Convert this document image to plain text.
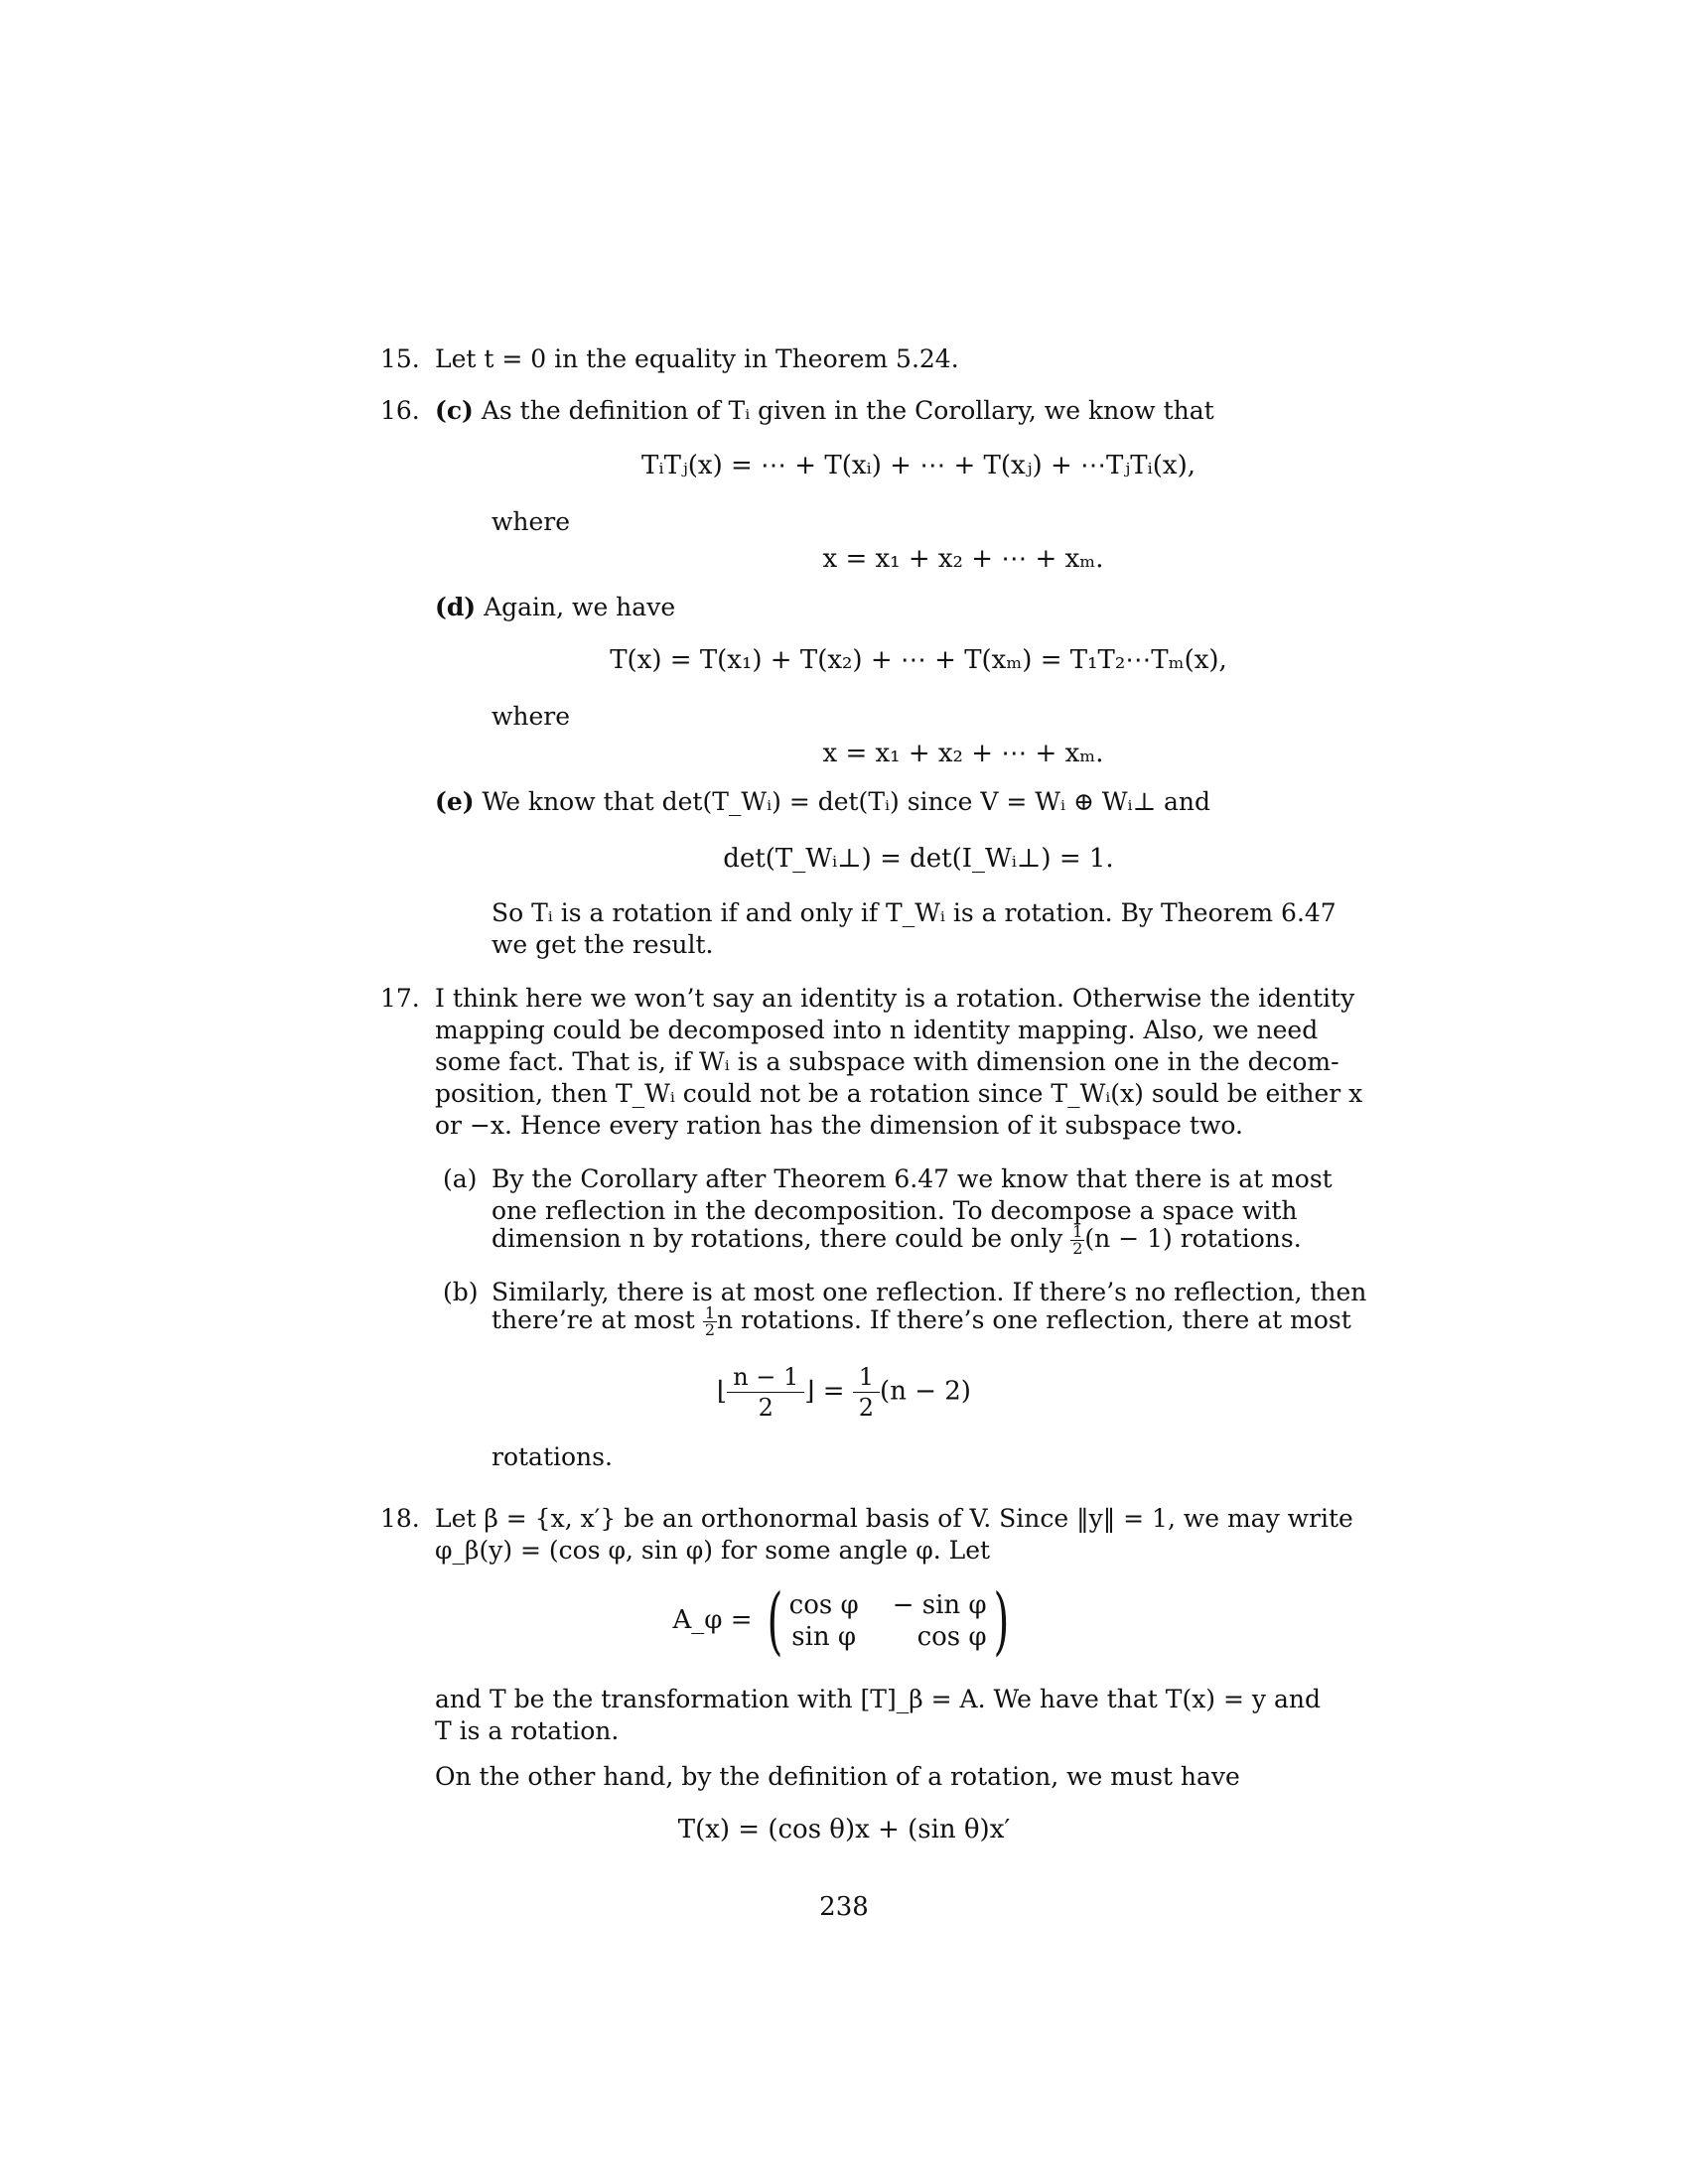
15. Let t = 0 in the equality in Theorem 5.24.
16. (c) As the definition of Tᵢ given in the Corollary, we know that
TᵢTⱼ(x) = ⋯ + T(xᵢ) + ⋯ + T(xⱼ) + ⋯TⱼTᵢ(x),
where
x = x₁ + x₂ + ⋯ + xₘ.
(d) Again, we have
T(x) = T(x₁) + T(x₂) + ⋯ + T(xₘ) = T₁T₂⋯Tₘ(x),
where
x = x₁ + x₂ + ⋯ + xₘ.
(e) We know that det(T_Wᵢ) = det(Tᵢ) since V = Wᵢ ⊕ Wᵢ⊥ and
det(T_Wᵢ⊥) = det(I_Wᵢ⊥) = 1.
So Tᵢ is a rotation if and only if T_Wᵢ is a rotation. By Theorem 6.47
we get the result.
17. I think here we won’t say an identity is a rotation. Otherwise the identity
mapping could be decomposed into n identity mapping. Also, we need
some fact. That is, if Wᵢ is a subspace with dimension one in the decom-
position, then T_Wᵢ could not be a rotation since T_Wᵢ(x) sould be either x
or −x. Hence every ration has the dimension of it subspace two.
(a) By the Corollary after Theorem 6.47 we know that there is at most
one reflection in the decomposition. To decompose a space with
dimension n by rotations, there could be only $\frac{1}{2} (n - 1)$ rotations.
(b) Similarly, there is at most one reflection. If there’s no reflection, then
there’re at most $\frac{1}{2}$ n rotations. If there’s one reflection, there at most
⌊ $\frac{n - 1}{2}$ ⌋ = $\frac{1}{2} (n - 2)$
rotations.
18. Let β = {x, x′} be an orthonormal basis of V. Since ‖y‖ = 1, we may write
φ_β(y) = (cos φ, sin φ) for some angle φ. Let
A_φ = ( cos φ − sin φ
sin φ	cos φ )
and T be the transformation with [T]_β = A. We have that T(x) = y and
T is a rotation.
On the other hand, by the definition of a rotation, we must have
T(x) = (cos θ)x + (sin θ)x′
238
